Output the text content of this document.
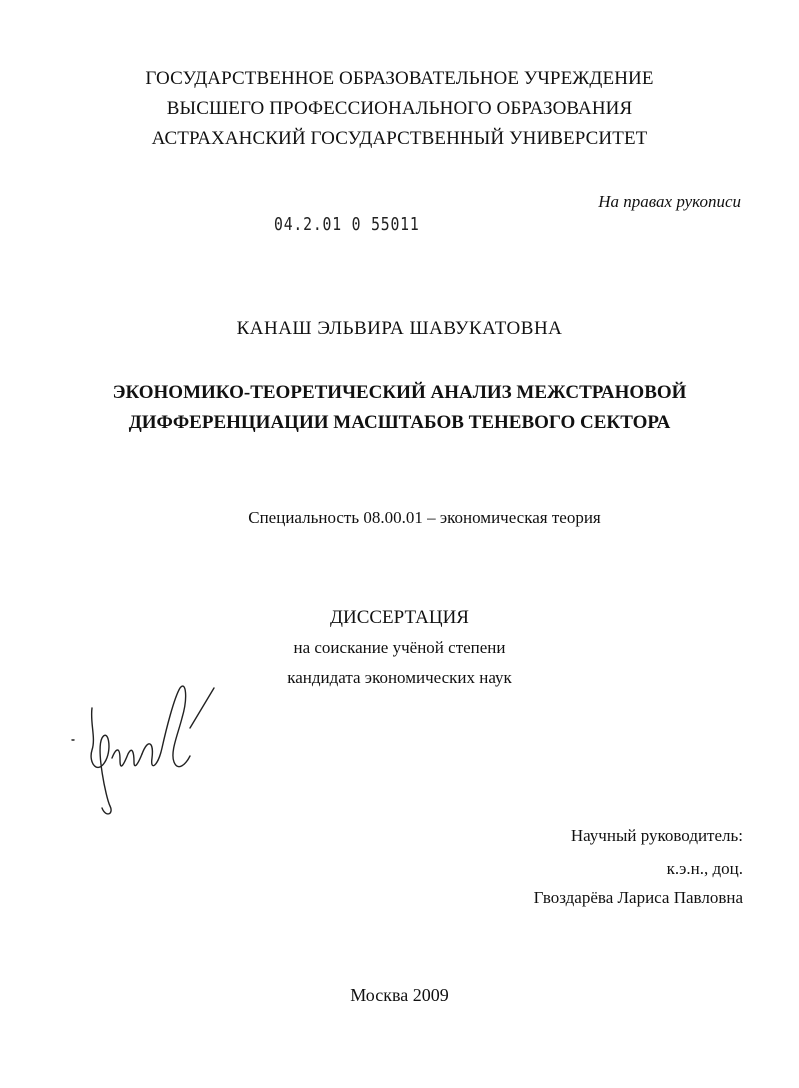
ГОСУДАРСТВЕННОЕ ОБРАЗОВАТЕЛЬНОЕ УЧРЕЖДЕНИЕ
ВЫСШЕГО ПРОФЕССИОНАЛЬНОГО ОБРАЗОВАНИЯ
АСТРАХАНСКИЙ ГОСУДАРСТВЕННЫЙ УНИВЕРСИТЕТ
На правах рукописи
04.2.01 0 55011
КАНАШ ЭЛЬВИРА ШАВУКАТОВНА
ЭКОНОМИКО-ТЕОРЕТИЧЕСКИЙ АНАЛИЗ МЕЖСТРАНОВОЙ
ДИФФЕРЕНЦИАЦИИ МАСШТАБОВ ТЕНЕВОГО СЕКТОРА
Специальность 08.00.01 – экономическая теория
ДИССЕРТАЦИЯ
на соискание учёной степени
кандидата экономических наук
Научный руководитель:
к.э.н., доц.
Гвоздарёва Лариса Павловна
Москва 2009
